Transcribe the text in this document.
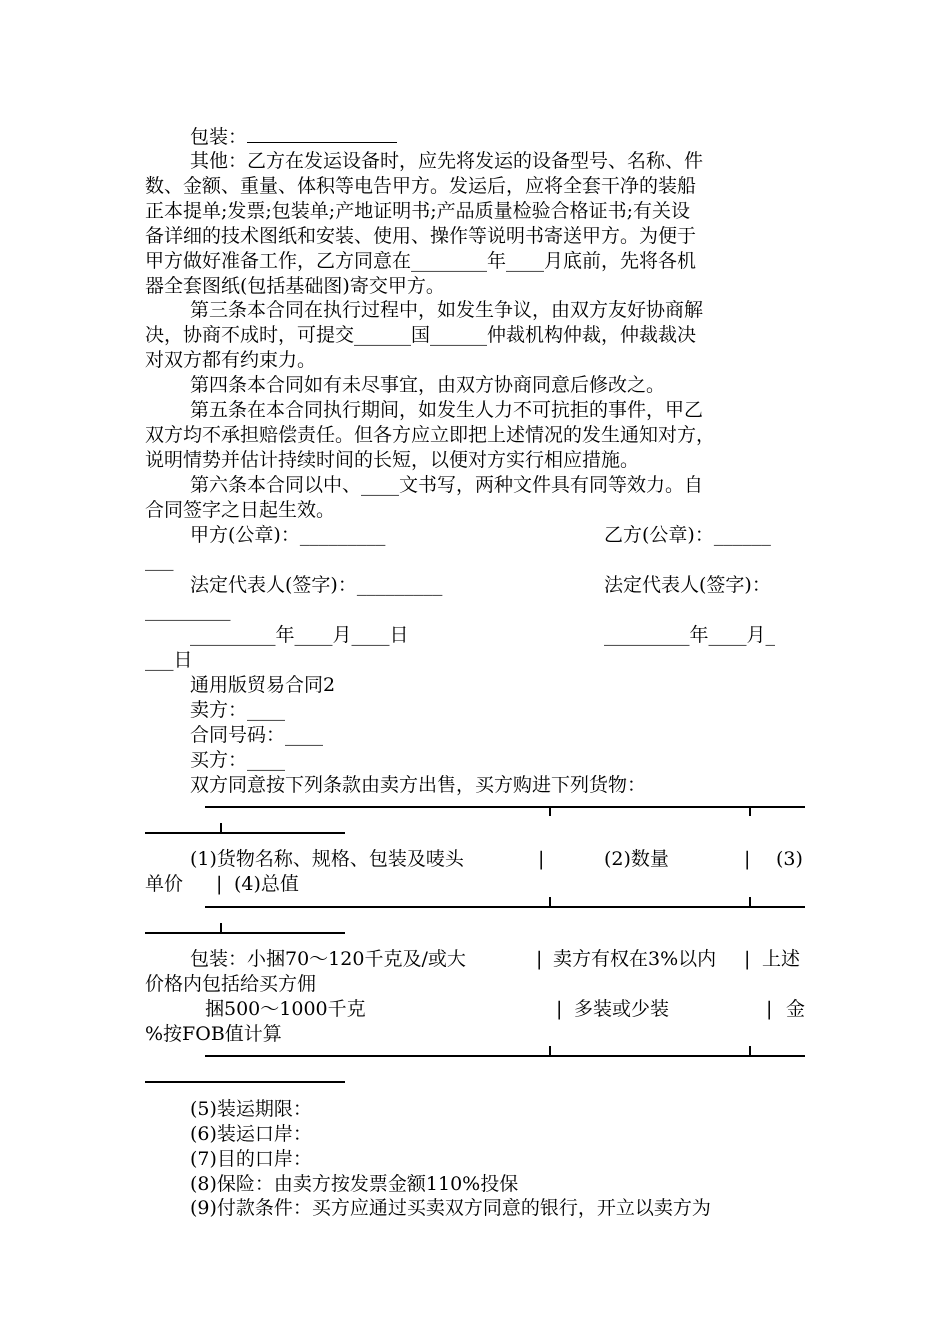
包装：

其他：乙方在发运设备时，应先将发运的设备型号、名称、件

数、金额、重量、体积等电告甲方。发运后，应将全套干净的装船

正本提单;发票;包装单;产地证明书;产品质量检验合格证书;有关设

备详细的技术图纸和安装、使用、操作等说明书寄送甲方。为便于

甲方做好准备工作，乙方同意在________年____月底前，先将各机

器全套图纸(包括基础图)寄交甲方。

第三条本合同在执行过程中，如发生争议，由双方友好协商解

决，协商不成时，可提交______国______仲裁机构仲裁，仲裁裁决

对双方都有约束力。

第四条本合同如有未尽事宜，由双方协商同意后修改之。

第五条在本合同执行期间，如发生人力不可抗拒的事件，甲乙

双方均不承担赔偿责任。但各方应立即把上述情况的发生通知对方，

说明情势并估计持续时间的长短，以便对方实行相应措施。

第六条本合同以中、____文书写，两种文件具有同等效力。自

合同签字之日起生效。

甲方(公章)：_________	乙方(公章)：______

___

法定代表人(签字)：_________	法定代表人(签字)：

_________

_________年____月____日	_________年____月_

___日

通用版贸易合同2

卖方：____

合同号码：____

买方：____

双方同意按下列条款由卖方出售，买方购进下列货物：

(1)货物名称、规格、包装及唛头	|	(2)数量	|	(3)

单价	| (4)总值

包装：小捆70～120千克及/或大	| 卖方有权在3%以内	| 上述

价格内包括给买方佣

捆500～1000千克	| 多装或少装	| 金

%按FOB值计算

(5)装运期限：

(6)装运口岸：

(7)目的口岸：

(8)保险：由卖方按发票金额110%投保

(9)付款条件：买方应通过买卖双方同意的银行，开立以卖方为
